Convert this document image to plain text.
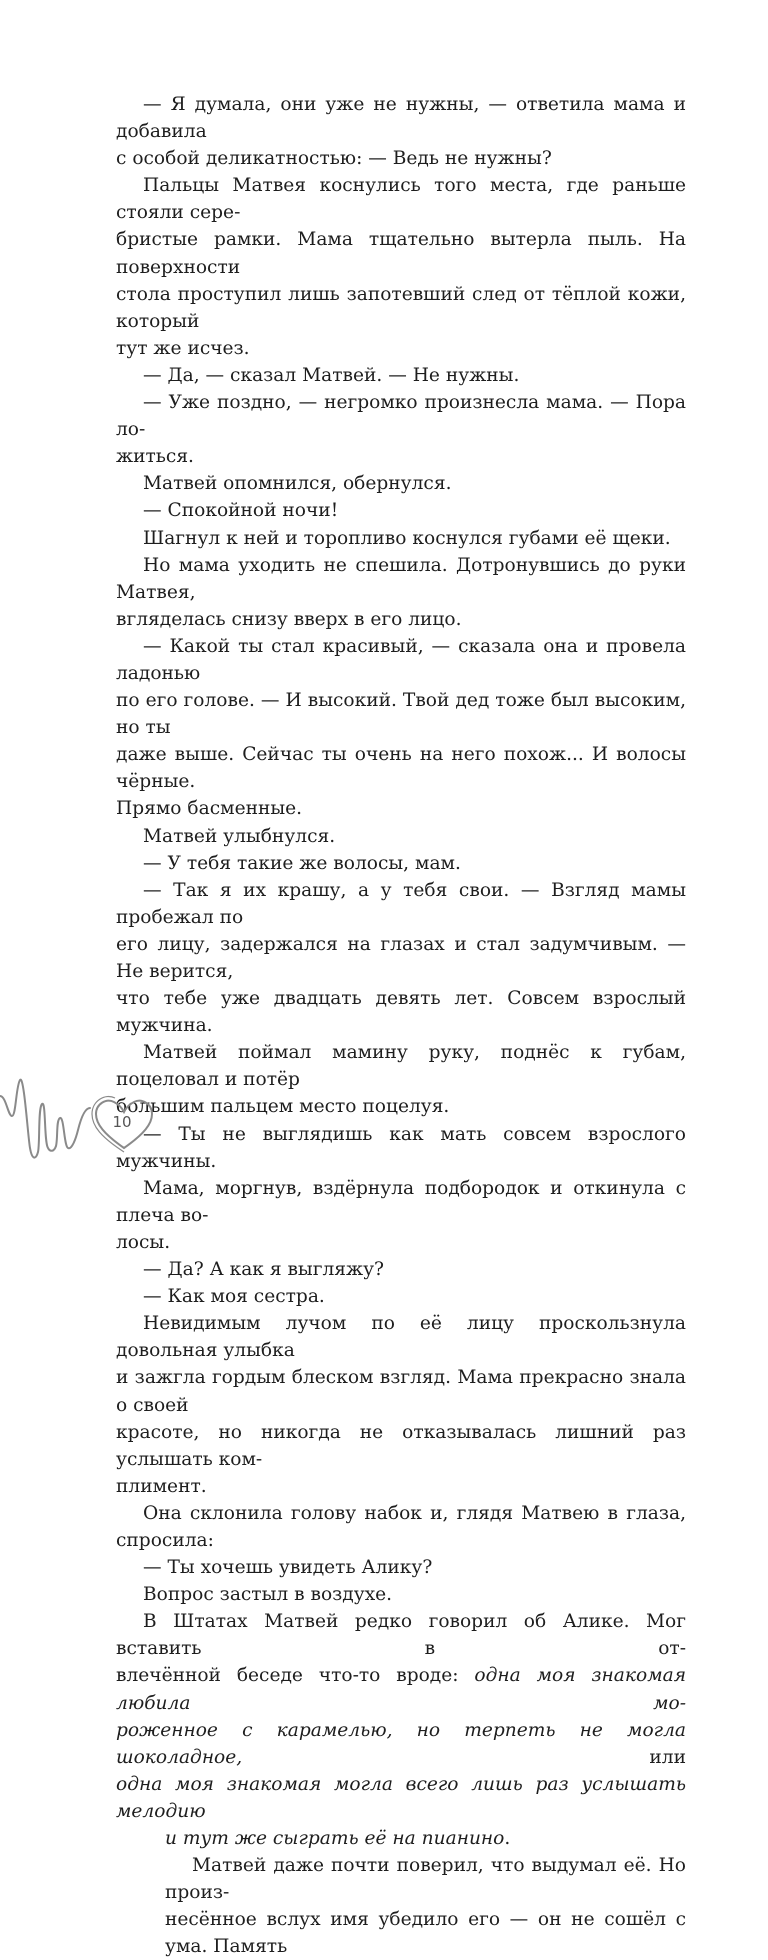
— Я думала, они уже не нужны, — ответила мама и добавила
с особой деликатностью: — Ведь не нужны?

Пальцы Матвея коснулись того места, где раньше стояли сере-
бристые рамки. Мама тщательно вытерла пыль. На поверхности
стола проступил лишь запотевший след от тёплой кожи, который
тут же исчез.

— Да, — сказал Матвей. — Не нужны.

— Уже поздно, — негромко произнесла мама. — Пора ло-
житься.

Матвей опомнился, обернулся.

— Спокойной ночи!

Шагнул к ней и торопливо коснулся губами её щеки.

Но мама уходить не спешила. Дотронувшись до руки Матвея,
вгляделась снизу вверх в его лицо.

— Какой ты стал красивый, — сказала она и провела ладонью
по его голове. — И высокий. Твой дед тоже был высоким, но ты
даже выше. Сейчас ты очень на него похож... И волосы чёрные.
Прямо басменные.

Матвей улыбнулся.

— У тебя такие же волосы, мам.

— Так я их крашу, а у тебя свои. — Взгляд мамы пробежал по
его лицу, задержался на глазах и стал задумчивым. — Не верится,
что тебе уже двадцать девять лет. Совсем взрослый мужчина.

Матвей поймал мамину руку, поднёс к губам, поцеловал и потёр
большим пальцем место поцелуя.

— Ты не выглядишь как мать совсем взрослого мужчины.

Мама, моргнув, вздёрнула подбородок и откинула с плеча во-
лосы.

— Да? А как я выгляжу?

— Как моя сестра.

Невидимым лучом по её лицу проскользнула довольная улыбка
и зажгла гордым блеском взгляд. Мама прекрасно знала о своей
красоте, но никогда не отказывалась лишний раз услышать ком-
плимент.

Она склонила голову набок и, глядя Матвею в глаза, спросила:

— Ты хочешь увидеть Алику?

Вопрос застыл в воздухе.

В Штатах Матвей редко говорил об Алике. Мог вставить в от-
влечённой беседе что-то вроде: одна моя знакомая любила мо-
роженное с карамелью, но терпеть не могла шоколадное, или
одна моя знакомая могла всего лишь раз услышать мелодию

и тут же сыграть её на пианино.

Матвей даже почти поверил, что выдумал её. Но произ-
несённое вслух имя убедило его — он не сошёл с ума. Память

10
